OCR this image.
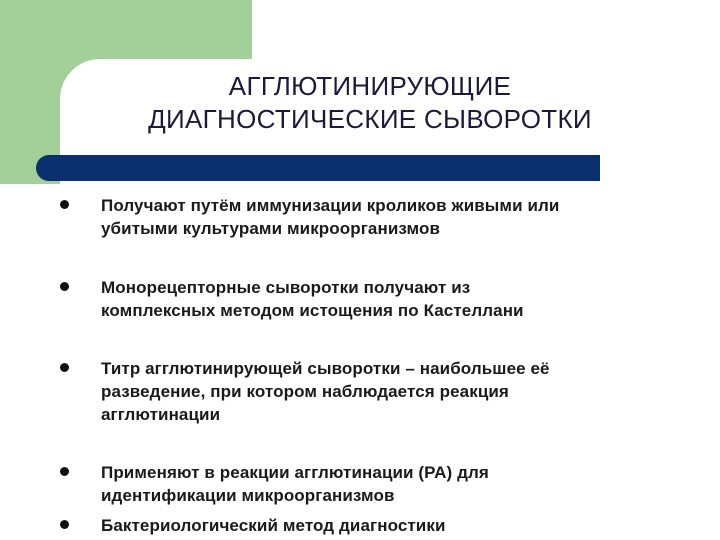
АГГЛЮТИНИРУЮЩИЕ
ДИАГНОСТИЧЕСКИЕ СЫВОРОТКИ
Получают путём иммунизации кроликов живыми или
убитыми культурами микроорганизмов
Монорецепторные сыворотки получают из
комплексных методом истощения по Кастеллани
Титр агглютинирующей сыворотки – наибольшее её
разведение, при котором наблюдается реакция
агглютинации
Применяют в реакции агглютинации (РА) для
идентификации микроорганизмов
Бактериологический метод диагностики
